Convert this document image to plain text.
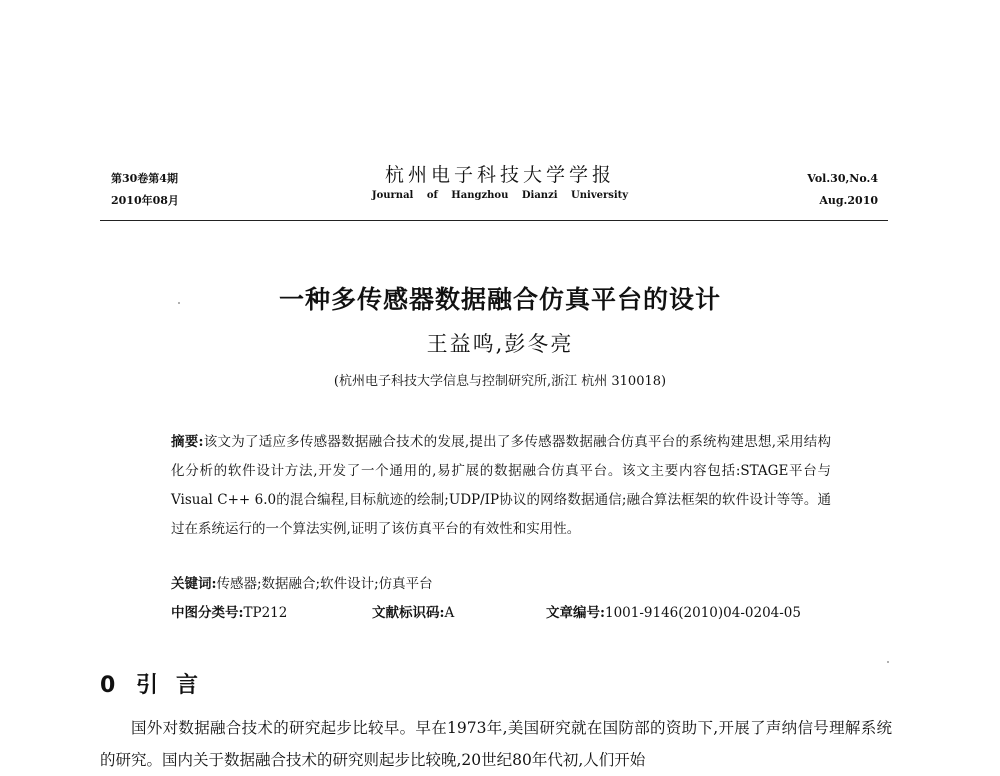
第30卷第4期
2010年08月
杭州电子科技大学学报
Journal of Hangzhou Dianzi University
Vol.30,No.4
Aug.2010
一种多传感器数据融合仿真平台的设计
王益鸣,彭冬亮
(杭州电子科技大学信息与控制研究所,浙江 杭州 310018)
摘要:该文为了适应多传感器数据融合技术的发展,提出了多传感器数据融合仿真平台的系统构建思想,采用结构化分析的软件设计方法,开发了一个通用的,易扩展的数据融合仿真平台。该文主要内容包括:STAGE平台与Visual C++ 6.0的混合编程,目标航迹的绘制;UDP/IP协议的网络数据通信;融合算法框架的软件设计等等。通过在系统运行的一个算法实例,证明了该仿真平台的有效性和实用性。
关键词:传感器;数据融合;软件设计;仿真平台
中图分类号:TP212	文献标识码:A	文章编号:1001-9146(2010)04-0204-05
0 引言
国外对数据融合技术的研究起步比较早。早在1973年,美国研究就在国防部的资助下,开展了声纳信号理解系统的研究。国内关于数据融合技术的研究则起步比较晚,20世纪80年代初,人们开始
